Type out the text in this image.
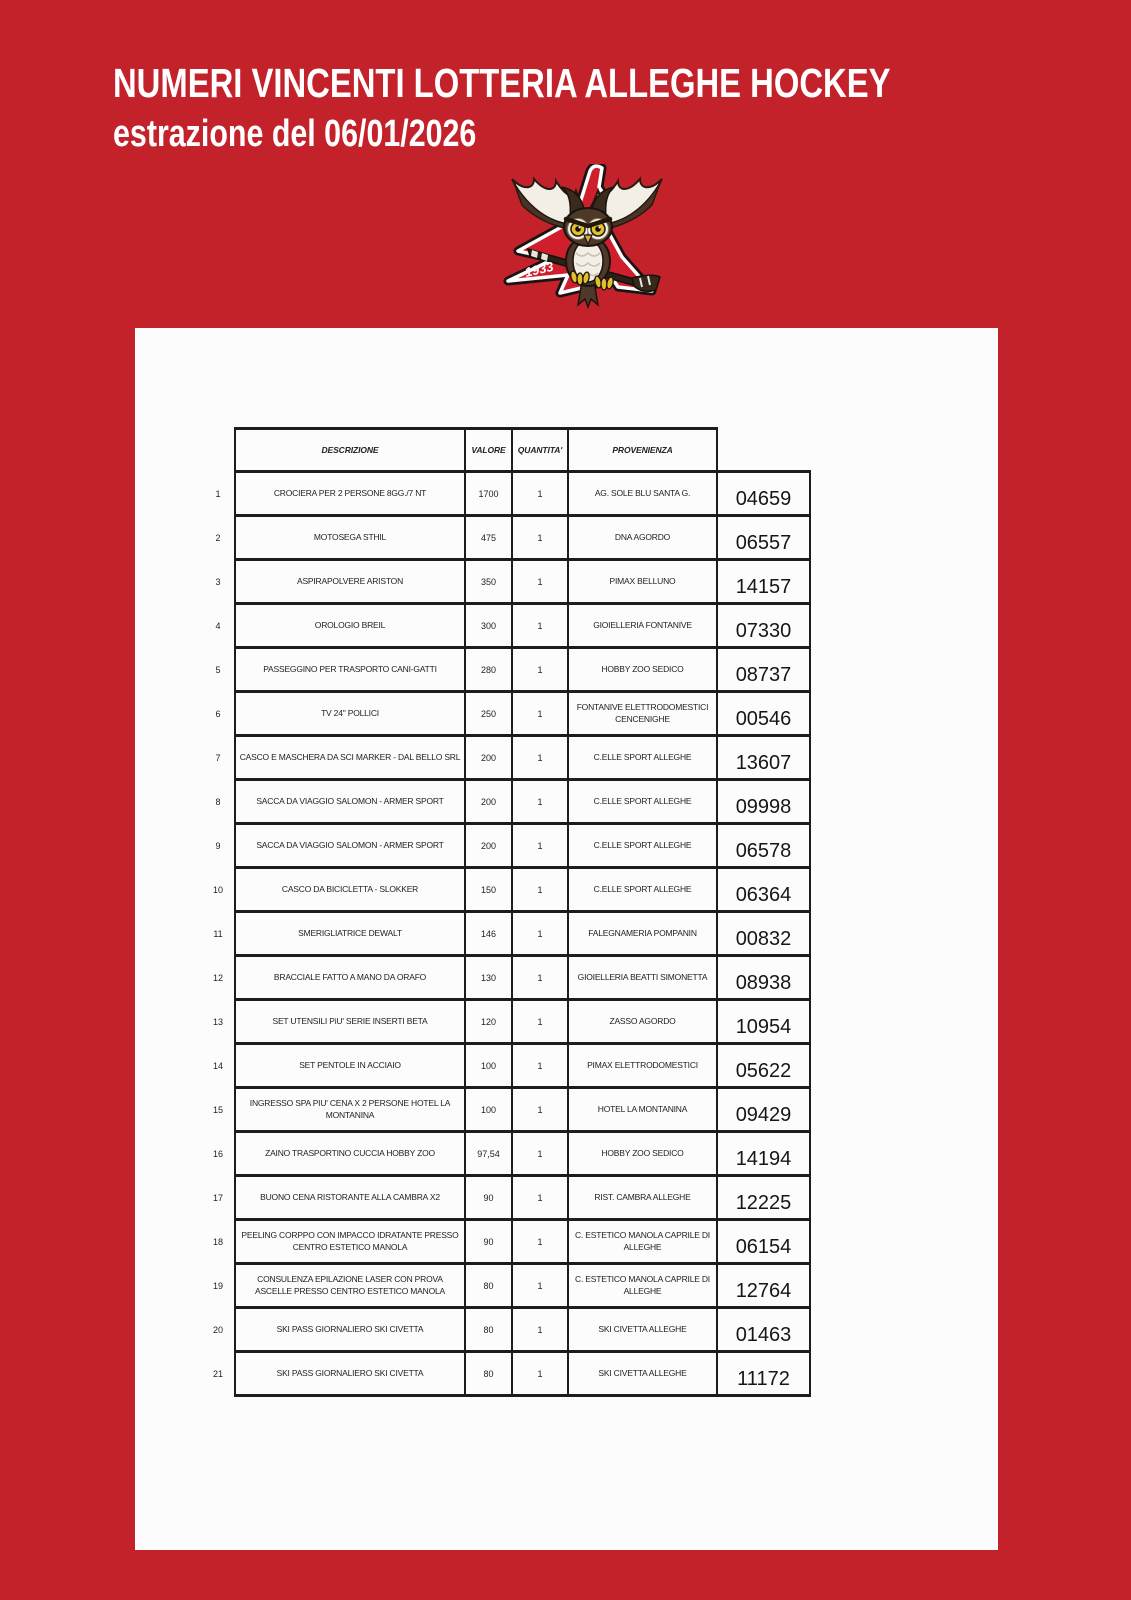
NUMERI VINCENTI LOTTERIA ALLEGHE HOCKEY
estrazione del 06/01/2026
1933
	DESCRIZIONE	VALORE	QUANTITA'	PROVENIENZA	
1	CROCIERA PER 2 PERSONE 8GG./7 NT	1700	1	AG. SOLE BLU SANTA G.	04659
2	MOTOSEGA STHIL	475	1	DNA AGORDO	06557
3	ASPIRAPOLVERE ARISTON	350	1	PIMAX BELLUNO	14157
4	OROLOGIO BREIL	300	1	GIOIELLERIA FONTANIVE	07330
5	PASSEGGINO PER TRASPORTO CANI-GATTI	280	1	HOBBY ZOO SEDICO	08737
6	TV 24" POLLICI	250	1	FONTANIVE ELETTRODOMESTICI CENCENIGHE	00546
7	CASCO E MASCHERA DA SCI MARKER - DAL BELLO SRL	200	1	C.ELLE SPORT ALLEGHE	13607
8	SACCA DA VIAGGIO SALOMON - ARMER SPORT	200	1	C.ELLE SPORT ALLEGHE	09998
9	SACCA DA VIAGGIO SALOMON - ARMER SPORT	200	1	C.ELLE SPORT ALLEGHE	06578
10	CASCO DA BICICLETTA - SLOKKER	150	1	C.ELLE SPORT ALLEGHE	06364
11	SMERIGLIATRICE DEWALT	146	1	FALEGNAMERIA POMPANIN	00832
12	BRACCIALE FATTO A MANO DA ORAFO	130	1	GIOIELLERIA BEATTI SIMONETTA	08938
13	SET UTENSILI PiU' SERIE INSERTI BETA	120	1	ZASSO AGORDO	10954
14	SET PENTOLE IN ACCIAIO	100	1	PIMAX ELETTRODOMESTICI	05622
15	INGRESSO SPA PIU' CENA X 2 PERSONE HOTEL LA MONTANINA	100	1	HOTEL LA MONTANINA	09429
16	ZAINO TRASPORTINO CUCCIA HOBBY ZOO	97,54	1	HOBBY ZOO SEDICO	14194
17	BUONO CENA RISTORANTE ALLA CAMBRA X2	90	1	RIST. CAMBRA ALLEGHE	12225
18	PEELING CORPPO CON IMPACCO IDRATANTE PRESSO CENTRO ESTETICO MANOLA	90	1	C. ESTETICO MANOLA CAPRILE DI ALLEGHE	06154
19	CONSULENZA EPILAZIONE LASER CON PROVA ASCELLE PRESSO CENTRO ESTETICO MANOLA	80	1	C. ESTETICO MANOLA CAPRILE DI ALLEGHE	12764
20	SKI PASS GIORNALIERO SKI CIVETTA	80	1	SKI CIVETTA ALLEGHE	01463
21	SKI PASS GIORNALIERO SKI CIVETTA	80	1	SKI CIVETTA ALLEGHE	11172
